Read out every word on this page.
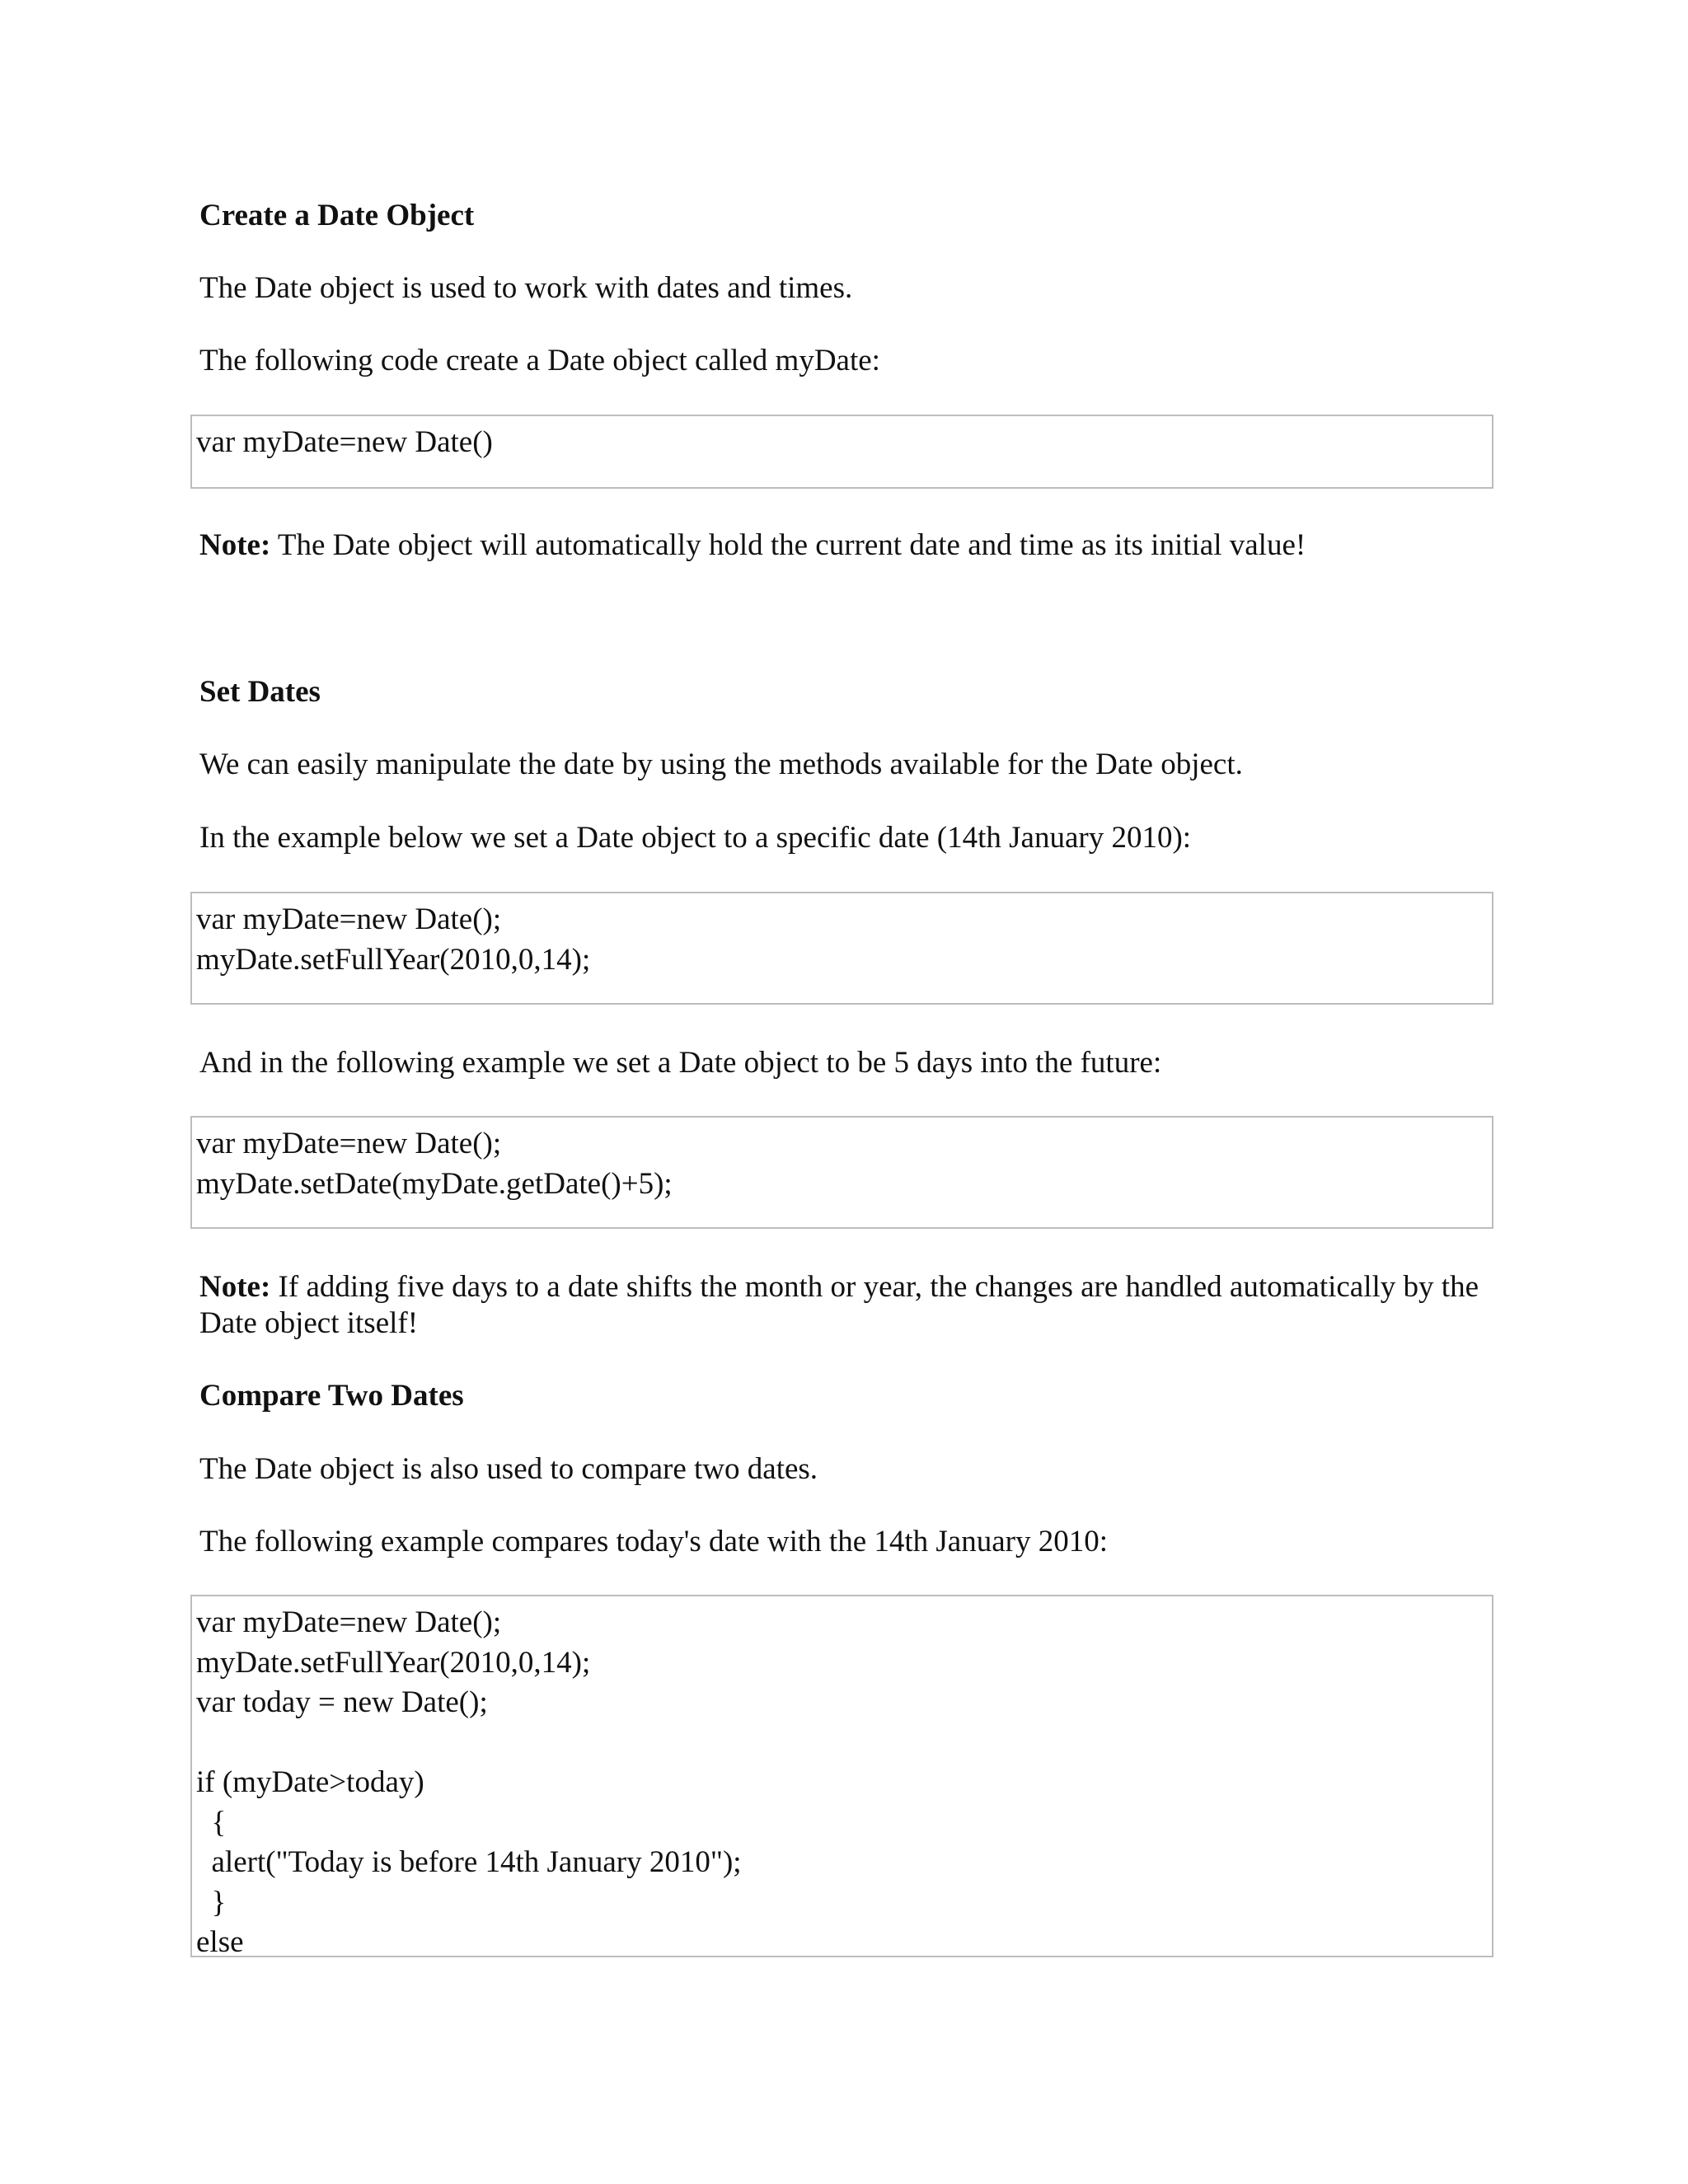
Create a Date Object
The Date object is used to work with dates and times.
The following code create a Date object called myDate:
var myDate=new Date()
Note: The Date object will automatically hold the current date and time as its initial value!
Set Dates
We can easily manipulate the date by using the methods available for the Date object.
In the example below we set a Date object to a specific date (14th January 2010):
var myDate=new Date();
myDate.setFullYear(2010,0,14);
And in the following example we set a Date object to be 5 days into the future:
var myDate=new Date();
myDate.setDate(myDate.getDate()+5);
Note: If adding five days to a date shifts the month or year, the changes are handled automatically by the Date object itself!
Compare Two Dates
The Date object is also used to compare two dates.
The following example compares today's date with the 14th January 2010:
var myDate=new Date();
myDate.setFullYear(2010,0,14);
var today = new Date();
if (myDate>today)
{
alert("Today is before 14th January 2010");
}
else
